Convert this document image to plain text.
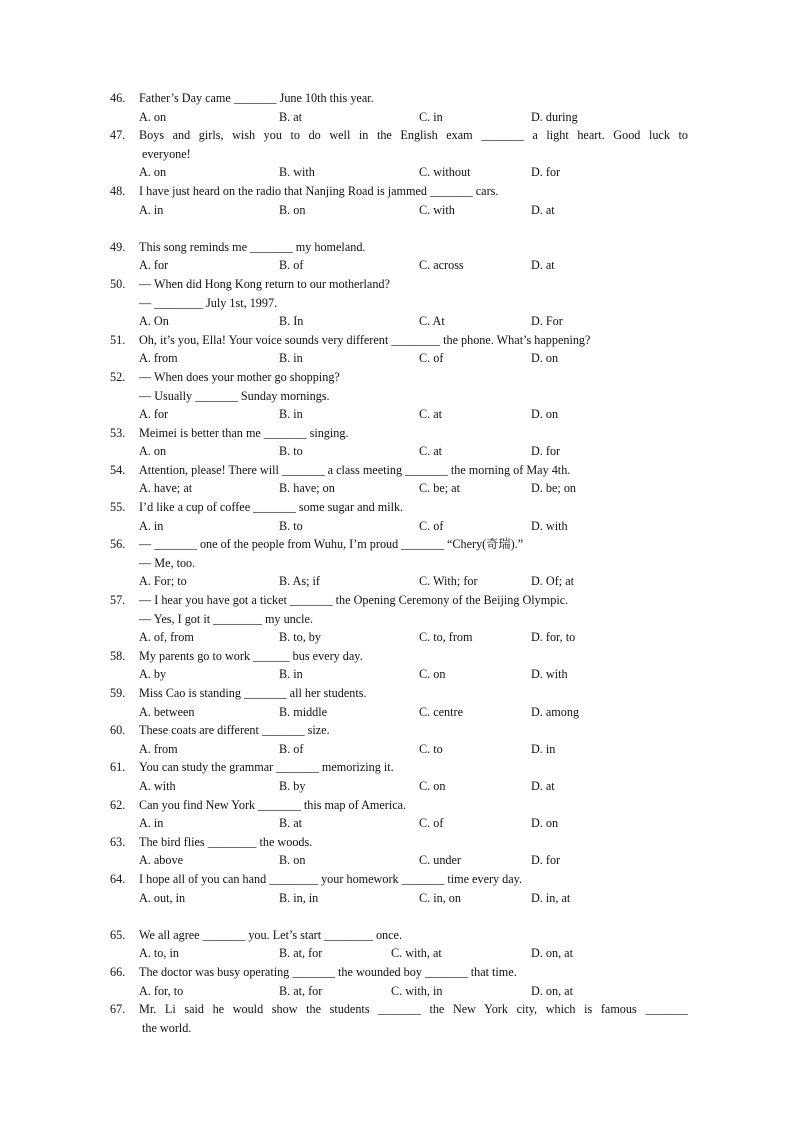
46. Father’s Day came _______ June 10th this year.
A. on	B. at	C. in	D. during
47. Boys and girls, wish you to do well in the English exam _______ a light heart. Good luck to
everyone!
A. on	B. with	C. without	D. for
48. I have just heard on the radio that Nanjing Road is jammed _______ cars.
A. in	B. on	C. with	D. at
49. This song reminds me _______ my homeland.
A. for	B. of	C. across	D. at
50. — When did Hong Kong return to our motherland?
— ________ July 1st, 1997.
A. On	B. In	C. At	D. For
51. Oh, it’s you, Ella! Your voice sounds very different ________ the phone. What’s happening?
A. from	B. in	C. of	D. on
52. — When does your mother go shopping?
— Usually _______ Sunday mornings.
A. for	B. in	C. at	D. on
53. Meimei is better than me _______ singing.
A. on	B. to	C. at	D. for
54. Attention, please! There will _______ a class meeting _______ the morning of May 4th.
A. have; at	B. have; on	C. be; at	D. be; on
55. I’d like a cup of coffee _______ some sugar and milk.
A. in	B. to	C. of	D. with
56. — _______ one of the people from Wuhu, I’m proud _______ “Chery(奇瑞).”
— Me, too.
A. For; to	B. As; if	C. With; for	D. Of; at
57. — I hear you have got a ticket _______ the Opening Ceremony of the Beijing Olympic.
— Yes, I got it ________ my uncle.
A. of, from	B. to, by	C. to, from	D. for, to
58. My parents go to work ______ bus every day.
A. by	B. in	C. on	D. with
59. Miss Cao is standing _______ all her students.
A. between	B. middle	C. centre	D. among
60. These coats are different _______ size.
A. from	B. of	C. to	D. in
61. You can study the grammar _______ memorizing it.
A. with	B. by	C. on	D. at
62. Can you find New York _______ this map of America.
A. in	B. at	C. of	D. on
63. The bird flies ________ the woods.
A. above	B. on	C. under	D. for
64. I hope all of you can hand ________ your homework _______ time every day.
A. out, in	B. in, in	C. in, on	D. in, at
65. We all agree _______ you. Let’s start ________ once.
A. to, in	B. at, for	C. with, at	D. on, at
66. The doctor was busy operating _______ the wounded boy _______ that time.
A. for, to	B. at, for	C. with, in	D. on, at
67. Mr. Li said he would show the students _______ the New York city, which is famous _______
the world.
